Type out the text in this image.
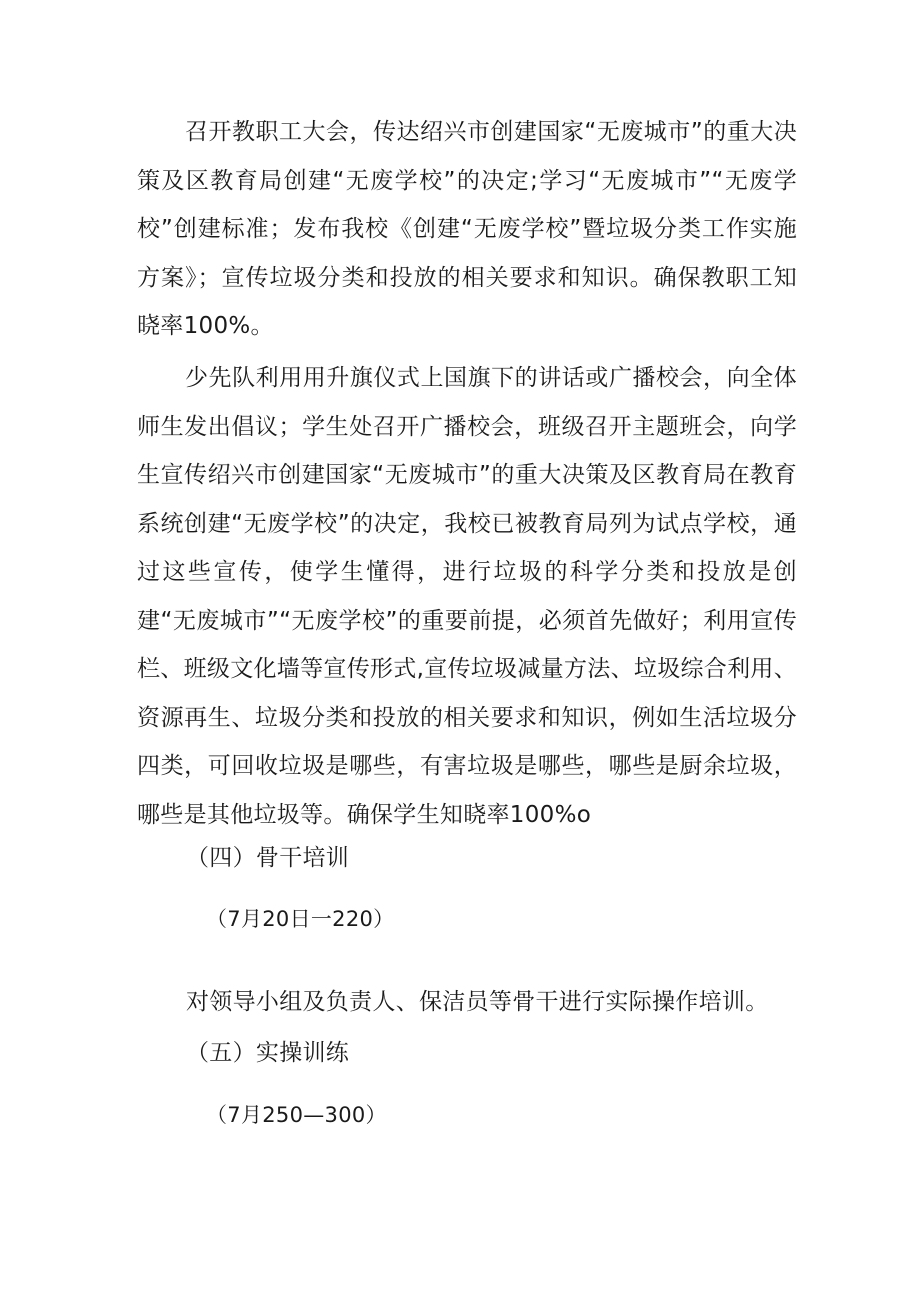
召开教职工大会，传达绍兴市创建国家“无废城市”的重大决策及区教育局创建“无废学校”的决定;学习“无废城市”“无废学校”创建标准；发布我校《创建“无废学校”暨垃圾分类工作实施方案》；宣传垃圾分类和投放的相关要求和知识。确保教职工知晓率100%。

少先队利用用升旗仪式上国旗下的讲话或广播校会，向全体师生发出倡议；学生处召开广播校会，班级召开主题班会，向学生宣传绍兴市创建国家“无废城市”的重大决策及区教育局在教育系统创建“无废学校”的决定，我校已被教育局列为试点学校，通过这些宣传，使学生懂得，进行垃圾的科学分类和投放是创建“无废城市”“无废学校”的重要前提，必须首先做好；利用宣传栏、班级文化墙等宣传形式,宣传垃圾减量方法、垃圾综合利用、资源再生、垃圾分类和投放的相关要求和知识，例如生活垃圾分四类，可回收垃圾是哪些，有害垃圾是哪些，哪些是厨余垃圾，哪些是其他垃圾等。确保学生知晓率100%o

（四）骨干培训

（7月20日一220）

对领导小组及负责人、保洁员等骨干进行实际操作培训。

（五）实操训练

（7月250—300）
